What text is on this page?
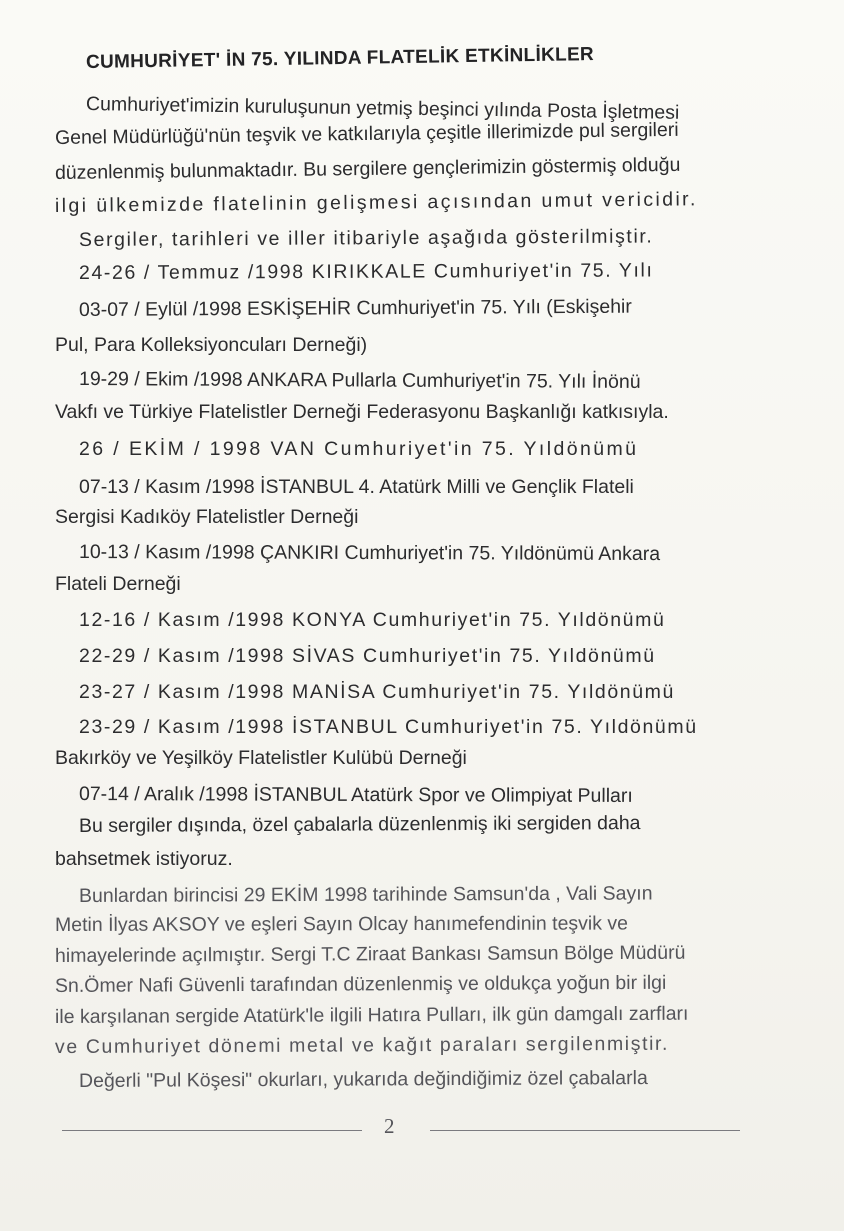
CUMHURİYET' İN 75. YILINDA FLATELİK ETKİNLİKLER
Cumhuriyet'imizin kuruluşunun yetmiş beşinci yılında Posta İşletmesi
Genel Müdürlüğü'nün teşvik ve katkılarıyla çeşitle illerimizde pul sergileri
düzenlenmiş bulunmaktadır. Bu sergilere gençlerimizin göstermiş olduğu
ilgi ülkemizde flatelinin gelişmesi açısından umut vericidir.
Sergiler, tarihleri ve iller itibariyle aşağıda gösterilmiştir.
24-26 / Temmuz /1998 KIRIKKALE Cumhuriyet'in 75. Yılı
03-07 / Eylül /1998 ESKİŞEHİR Cumhuriyet'in 75. Yılı (Eskişehir
Pul, Para Kolleksiyoncuları Derneği)
19-29 / Ekim /1998 ANKARA Pullarla Cumhuriyet'in 75. Yılı İnönü
Vakfı ve Türkiye Flatelistler Derneği Federasyonu Başkanlığı katkısıyla.
26 / EKİM / 1998 VAN Cumhuriyet'in 75. Yıldönümü
07-13 / Kasım /1998 İSTANBUL 4. Atatürk Milli ve Gençlik Flateli
Sergisi Kadıköy Flatelistler Derneği
10-13 / Kasım /1998 ÇANKIRI Cumhuriyet'in 75. Yıldönümü Ankara
Flateli Derneği
12-16 / Kasım /1998 KONYA Cumhuriyet'in 75. Yıldönümü
22-29 / Kasım /1998 SİVAS Cumhuriyet'in 75. Yıldönümü
23-27 / Kasım /1998 MANİSA Cumhuriyet'in 75. Yıldönümü
23-29 / Kasım /1998 İSTANBUL Cumhuriyet'in 75. Yıldönümü
Bakırköy ve Yeşilköy Flatelistler Kulübü Derneği
07-14 / Aralık /1998 İSTANBUL Atatürk Spor ve Olimpiyat Pulları
Bu sergiler dışında, özel çabalarla düzenlenmiş iki sergiden daha
bahsetmek istiyoruz.
Bunlardan birincisi 29 EKİM 1998 tarihinde Samsun'da , Vali Sayın
Metin İlyas AKSOY ve eşleri Sayın Olcay hanımefendinin teşvik ve
himayelerinde açılmıştır. Sergi T.C Ziraat Bankası Samsun Bölge Müdürü
Sn.Ömer Nafi Güvenli tarafından düzenlenmiş ve oldukça yoğun bir ilgi
ile karşılanan sergide Atatürk'le ilgili Hatıra Pulları, ilk gün damgalı zarfları
ve Cumhuriyet dönemi metal ve kağıt paraları sergilenmiştir.
Değerli "Pul Köşesi" okurları, yukarıda değindiğimiz özel çabalarla
2
